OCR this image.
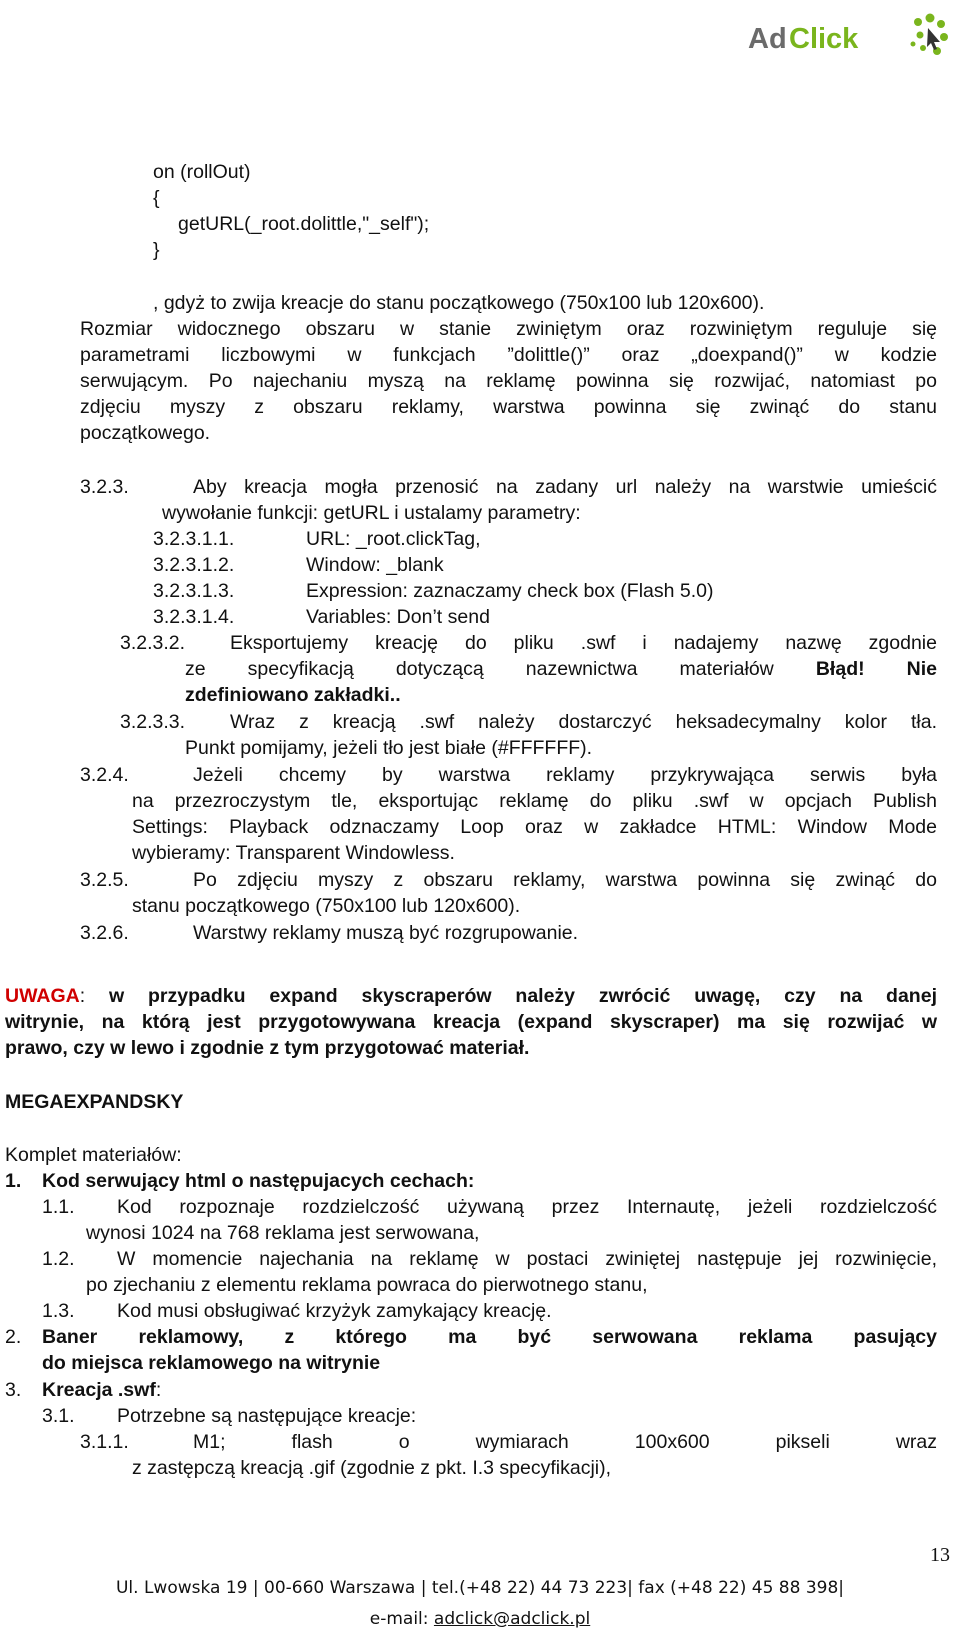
Ad Click
on (rollOut)
{
getURL(_root.dolittle,"_self");
}
, gdyż to zwija kreacje do stanu początkowego (750x100 lub 120x600).
Rozmiar widocznego obszaru w stanie zwiniętym oraz rozwiniętym reguluje się
parametrami liczbowymi w funkcjach ”dolittle()” oraz „doexpand()” w kodzie
serwującym. Po najechaniu myszą na reklamę powinna się rozwijać, natomiast po
zdjęciu myszy z obszaru reklamy, warstwa powinna się zwinąć do stanu
początkowego.
3.2.3.	Aby kreacja mogła przenosić na zadany url należy na warstwie umieścić
wywołanie funkcji: getURL i ustalamy parametry:
3.2.3.1.1.	URL: _root.clickTag,
3.2.3.1.2.	Window: _blank
3.2.3.1.3.	Expression: zaznaczamy check box (Flash 5.0)
3.2.3.1.4.	Variables: Don’t send
3.2.3.2. Eksportujemy kreację do pliku .swf i nadajemy nazwę zgodnie
ze specyfikacją dotyczącą nazewnictwa materiałów Błąd! Nie
zdefiniowano zakładki..
3.2.3.3. Wraz z kreacją .swf należy dostarczyć heksadecymalny kolor tła.
Punkt pomijamy, jeżeli tło jest białe (#FFFFFF).
3.2.4.	Jeżeli chcemy by warstwa reklamy przykrywająca serwis była
na przezroczystym tle, eksportując reklamę do pliku .swf w opcjach Publish
Settings: Playback odznaczamy Loop oraz w zakładce HTML: Window Mode
wybieramy: Transparent Windowless.
3.2.5.	Po zdjęciu myszy z obszaru reklamy, warstwa powinna się zwinąć do
stanu początkowego (750x100 lub 120x600).
3.2.6.	Warstwy reklamy muszą być rozgrupowanie.
UWAGA: w przypadku expand skyscraperów należy zwrócić uwagę, czy na danej
witrynie, na którą jest przygotowywana kreacja (expand skyscraper) ma się rozwijać w
prawo, czy w lewo i zgodnie z tym przygotować materiał.
MEGAEXPANDSKY
Komplet materiałów:
1. Kod serwujący html o następujacych cechach:
1.1. Kod rozpoznaje rozdzielczość używaną przez Internautę, jeżeli rozdzielczość
wynosi 1024 na 768 reklama jest serwowana,
1.2. W momencie najechania na reklamę w postaci zwiniętej następuje jej rozwinięcie,
po zjechaniu z elementu reklama powraca do pierwotnego stanu,
1.3. Kod musi obsługiwać krzyżyk zamykający kreację.
2. Baner reklamowy, z którego ma być serwowana reklama pasujący
do miejsca reklamowego na witrynie
3. Kreacja .swf:
3.1. Potrzebne są następujące kreacje:
3.1.1.	M1; flash o wymiarach 100x600 pikseli wraz
z zastępczą kreacją .gif (zgodnie z pkt. I.3 specyfikacji),
13
Ul. Lwowska 19 | 00-660 Warszawa | tel.(+48 22) 44 73 223| fax (+48 22) 45 88 398|
e-mail: adclick@adclick.pl
